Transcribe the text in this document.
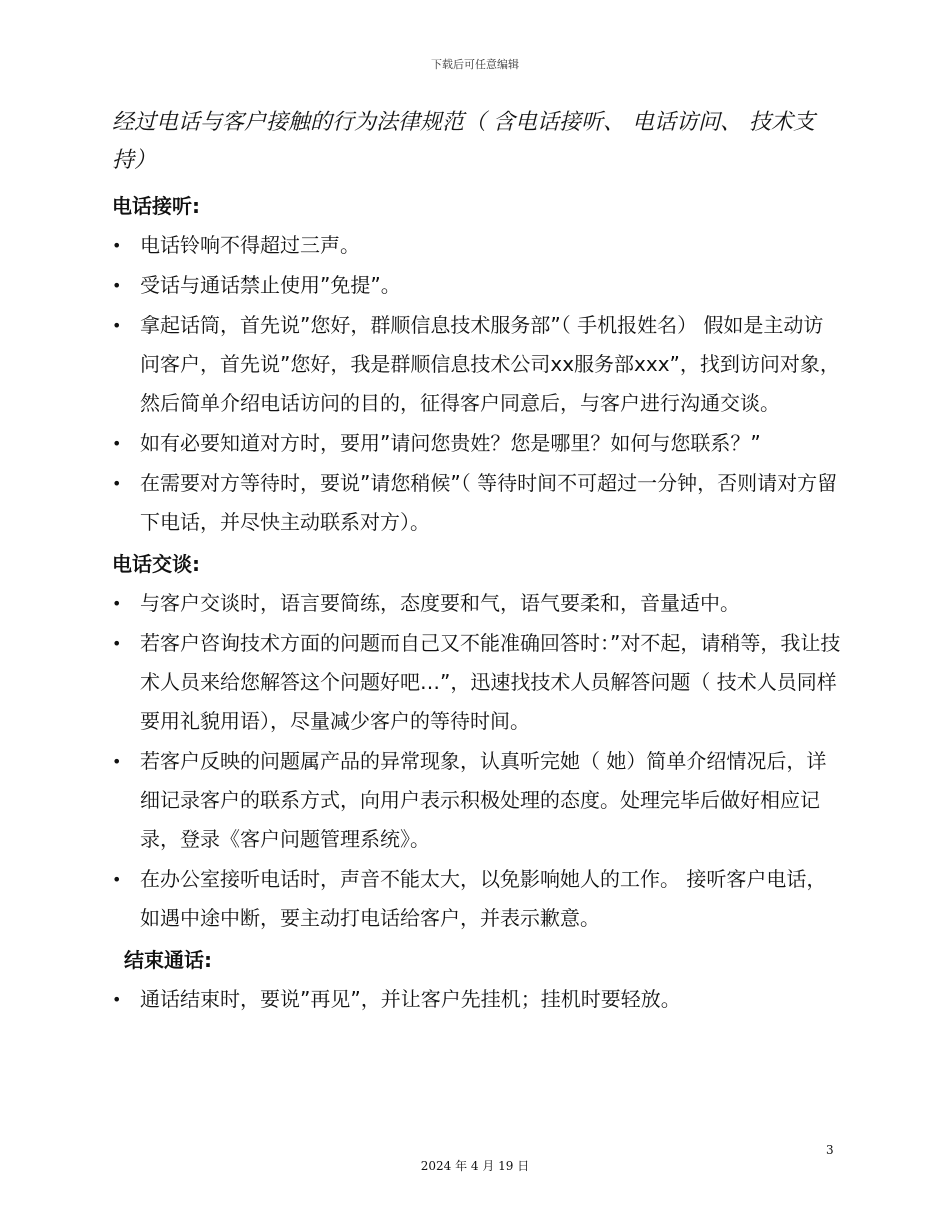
下载后可任意编辑
经过电话与客户接触的行为法律规范（ 含电话接听、 电话访问、 技术支持）
电话接听:
• 电话铃响不得超过三声。
• 受话与通话禁止使用”免提”。
• 拿起话筒，首先说”您好，群顺信息技术服务部”（ 手机报姓名） 假如是主动访问客户，首先说”您好，我是群顺信息技术公司xx服务部xxx”，找到访问对象，然后简单介绍电话访问的目的，征得客户同意后，与客户进行沟通交谈。
• 如有必要知道对方时，要用”请问您贵姓？您是哪里？如何与您联系？”
• 在需要对方等待时，要说”请您稍候”（ 等待时间不可超过一分钟，否则请对方留下电话，并尽快主动联系对方）。
电话交谈:
• 与客户交谈时，语言要简练，态度要和气，语气要柔和，音量适中。
• 若客户咨询技术方面的问题而自己又不能准确回答时：”对不起，请稍等，我让技术人员来给您解答这个问题好吧…”，迅速找技术人员解答问题（ 技术人员同样要用礼貌用语），尽量减少客户的等待时间。
• 若客户反映的问题属产品的异常现象，认真听完她（ 她）简单介绍情况后，详细记录客户的联系方式，向用户表示积极处理的态度。处理完毕后做好相应记录，登录《客户问题管理系统》。
• 在办公室接听电话时，声音不能太大，以免影响她人的工作。 接听客户电话，如遇中途中断，要主动打电话给客户，并表示歉意。
结束通话:
• 通话结束时，要说”再见”，并让客户先挂机；挂机时要轻放。
3
2024 年 4 月 19 日
